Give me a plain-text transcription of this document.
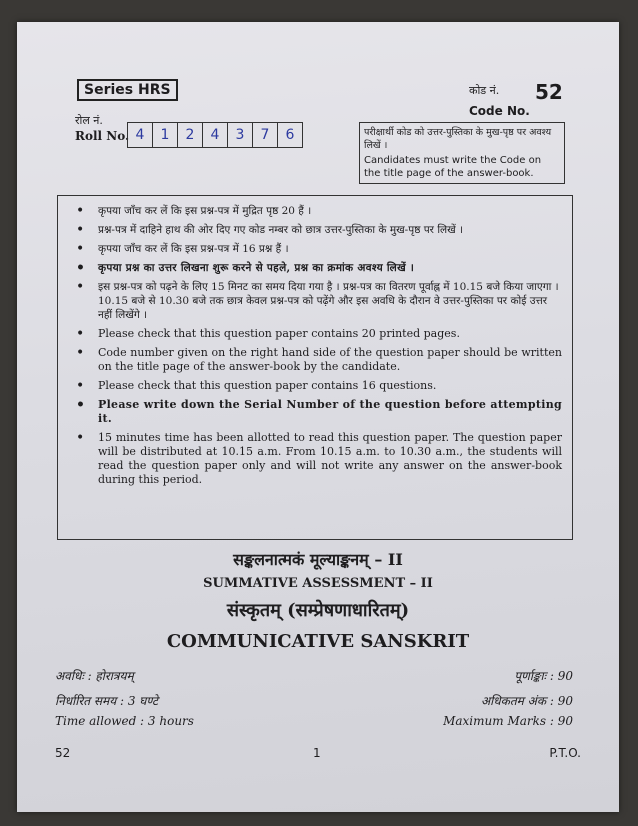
Series HRS
रोल नं.
Roll No. 4	1	2	4	3	7	6
कोड नं. 52
Code No.
परीक्षार्थी कोड को उत्तर-पुस्तिका के मुख-पृष्ठ पर अवश्य लिखें ।
Candidates must write the Code on the title page of the answer-book.
• कृपया जाँच कर लें कि इस प्रश्न-पत्र में मुद्रित पृष्ठ 20 हैं ।
• प्रश्न-पत्र में दाहिने हाथ की ओर दिए गए कोड नम्बर को छात्र उत्तर-पुस्तिका के मुख-पृष्ठ पर लिखें ।
• कृपया जाँच कर लें कि इस प्रश्न-पत्र में 16 प्रश्न हैं ।
• कृपया प्रश्न का उत्तर लिखना शुरू करने से पहले, प्रश्न का क्रमांक अवश्य लिखें ।
• इस प्रश्न-पत्र को पढ़ने के लिए 15 मिनट का समय दिया गया है । प्रश्न-पत्र का वितरण पूर्वाह्न में 10.15 बजे किया जाएगा । 10.15 बजे से 10.30 बजे तक छात्र केवल प्रश्न-पत्र को पढ़ेंगे और इस अवधि के दौरान वे उत्तर-पुस्तिका पर कोई उत्तर नहीं लिखेंगे ।
• Please check that this question paper contains 20 printed pages.
• Code number given on the right hand side of the question paper should be written on the title page of the answer-book by the candidate.
• Please check that this question paper contains 16 questions.
• Please write down the Serial Number of the question before attempting it.
• 15 minutes time has been allotted to read this question paper. The question paper will be distributed at 10.15 a.m. From 10.15 a.m. to 10.30 a.m., the students will read the question paper only and will not write any answer on the answer-book during this period.
सङ्कलनात्मकं मूल्याङ्कनम् – II
SUMMATIVE ASSESSMENT – II
संस्कृतम् (सम्प्रेषणाधारितम्)
COMMUNICATIVE SANSKRIT
अवधिः : होरात्रयम्	पूर्णाङ्काः : 90
निर्धारित समय : 3 घण्टे	अधिकतम अंक : 90
Time allowed : 3 hours	Maximum Marks : 90
52	1	P.T.O.
